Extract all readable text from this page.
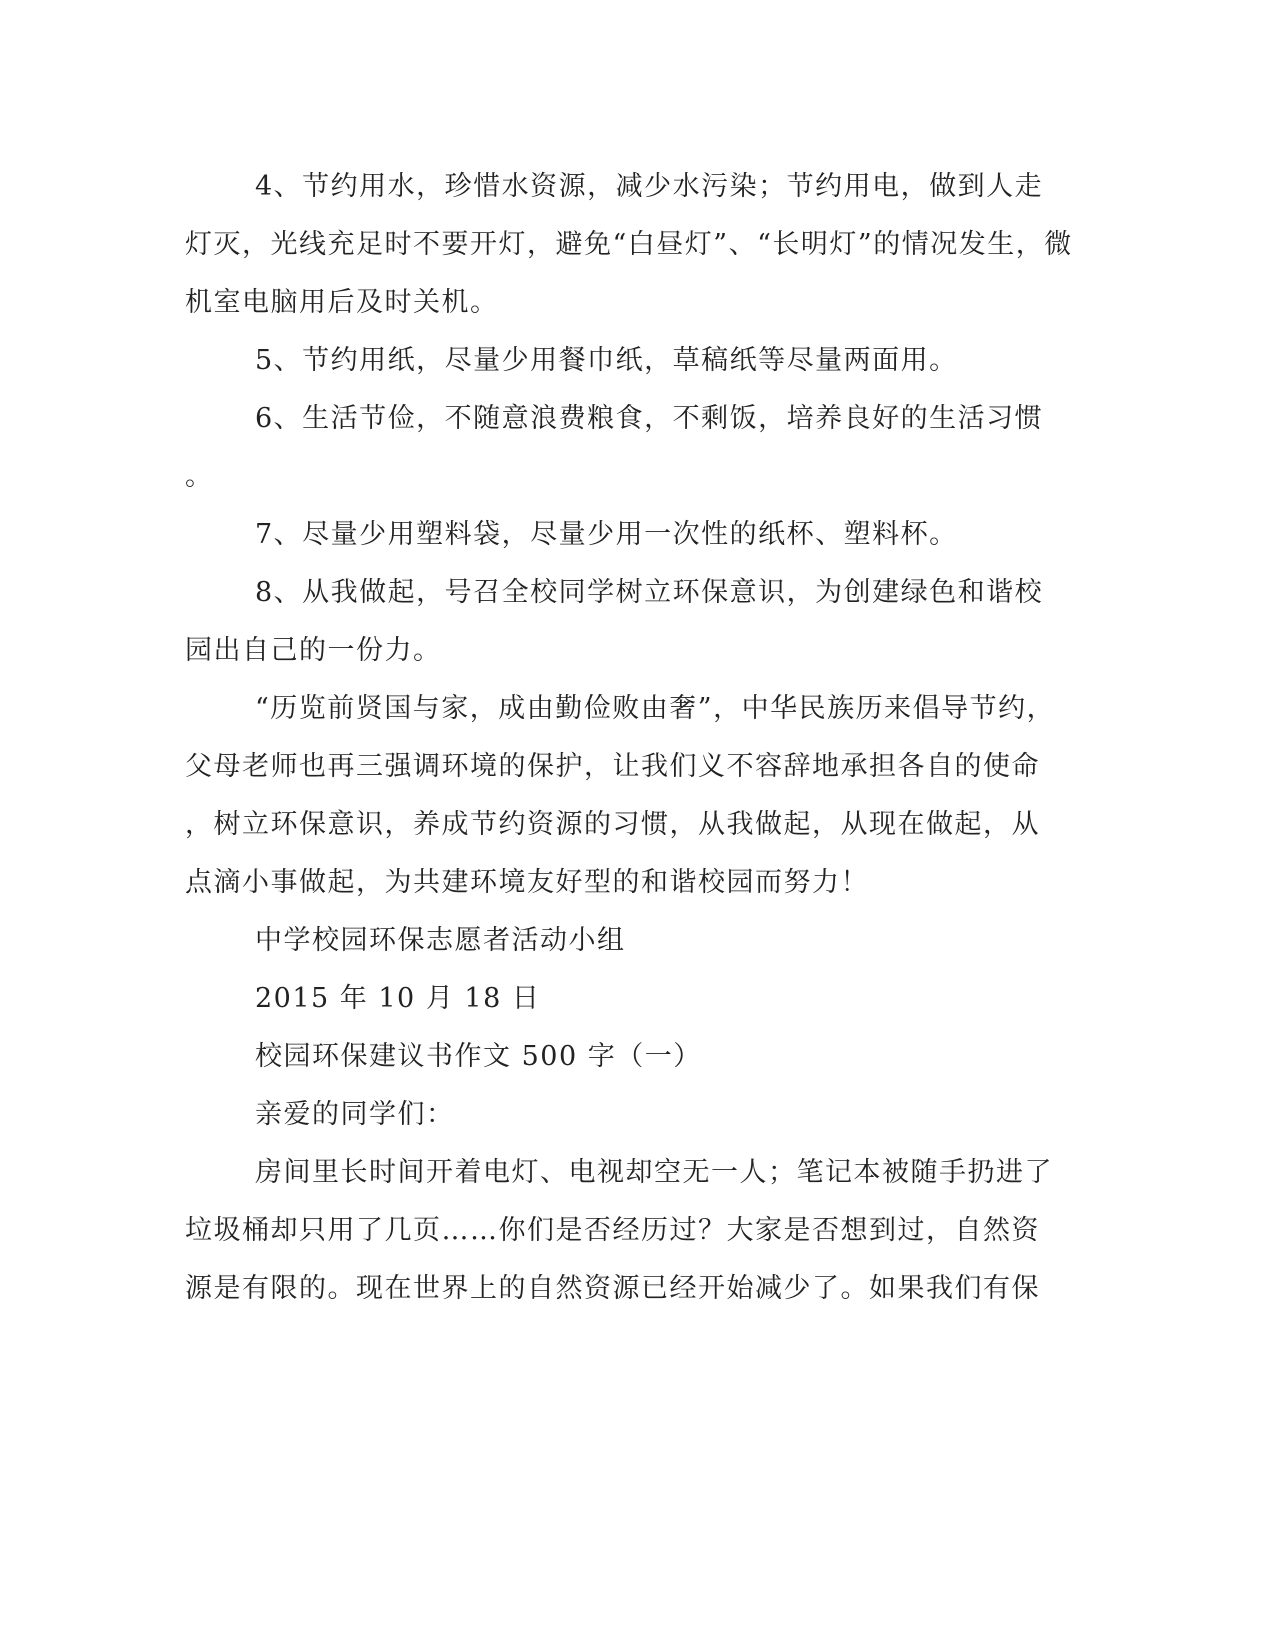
4、节约用水，珍惜水资源，减少水污染；节约用电，做到人走
灯灭，光线充足时不要开灯，避免“白昼灯”、“长明灯”的情况发生，微
机室电脑用后及时关机。
5、节约用纸，尽量少用餐巾纸，草稿纸等尽量两面用。
6、生活节俭，不随意浪费粮食，不剩饭，培养良好的生活习惯
。
7、尽量少用塑料袋，尽量少用一次性的纸杯、塑料杯。
8、从我做起，号召全校同学树立环保意识，为创建绿色和谐校
园出自己的一份力。
“历览前贤国与家，成由勤俭败由奢”，中华民族历来倡导节约，
父母老师也再三强调环境的保护，让我们义不容辞地承担各自的使命
，树立环保意识，养成节约资源的习惯，从我做起，从现在做起，从
点滴小事做起，为共建环境友好型的和谐校园而努力！
中学校园环保志愿者活动小组
2015 年 10 月 18 日
校园环保建议书作文 500 字（一）
亲爱的同学们：
房间里长时间开着电灯、电视却空无一人；笔记本被随手扔进了
垃圾桶却只用了几页……你们是否经历过？大家是否想到过，自然资
源是有限的。现在世界上的自然资源已经开始减少了。如果我们有保
